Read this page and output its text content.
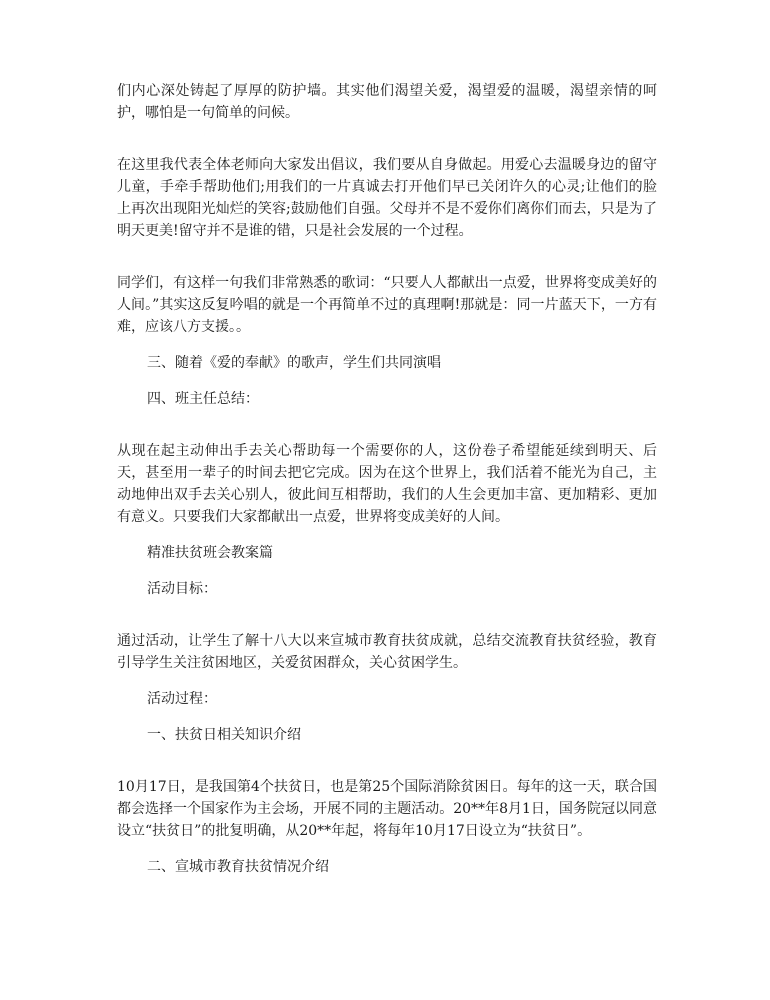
们内心深处铸起了厚厚的防护墙。其实他们渴望关爱，渴望爱的温暖，渴望亲情的呵护，哪怕是一句简单的问候。

在这里我代表全体老师向大家发出倡议，我们要从自身做起。用爱心去温暖身边的留守儿童，手牵手帮助他们;用我们的一片真诚去打开他们早已关闭许久的心灵;让他们的脸上再次出现阳光灿烂的笑容;鼓励他们自强。父母并不是不爱你们离你们而去，只是为了明天更美!留守并不是谁的错，只是社会发展的一个过程。

同学们，有这样一句我们非常熟悉的歌词：“只要人人都献出一点爱，世界将变成美好的人间。”其实这反复吟唱的就是一个再简单不过的真理啊!那就是：同一片蓝天下，一方有难，应该八方支援。。

三、随着《爱的奉献》的歌声，学生们共同演唱

四、班主任总结：

从现在起主动伸出手去关心帮助每一个需要你的人，这份卷子希望能延续到明天、后天，甚至用一辈子的时间去把它完成。因为在这个世界上，我们活着不能光为自己，主动地伸出双手去关心别人，彼此间互相帮助，我们的人生会更加丰富、更加精彩、更加有意义。只要我们大家都献出一点爱，世界将变成美好的人间。

精准扶贫班会教案篇

活动目标：

通过活动，让学生了解十八大以来宣城市教育扶贫成就，总结交流教育扶贫经验，教育引导学生关注贫困地区，关爱贫困群众，关心贫困学生。

活动过程：

一、扶贫日相关知识介绍

10月17日，是我国第4个扶贫日，也是第25个国际消除贫困日。每年的这一天，联合国都会选择一个国家作为主会场，开展不同的主题活动。20**年8月1日，国务院冠以同意设立“扶贫日”的批复明确，从20**年起，将每年10月17日设立为“扶贫日”。

二、宣城市教育扶贫情况介绍
